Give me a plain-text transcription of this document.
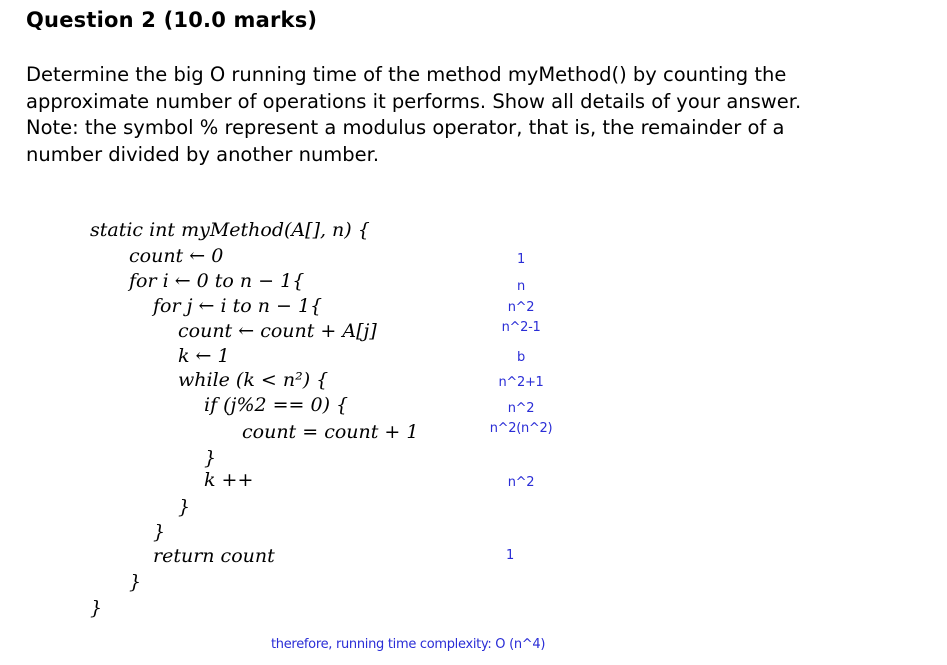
Question 2 (10.0 marks)
Determine the big O running time of the method myMethod() by counting the
approximate number of operations it performs. Show all details of your answer.
Note: the symbol % represent a modulus operator, that is, the remainder of a
number divided by another number.
static int myMethod(A[], n) {
count ← 0
for i ← 0 to n − 1{
for j ← i to n − 1{
count ← count + A[j]
k ← 1
while (k < n²) {
if (j%2 == 0) {
count = count + 1
}
k ++
}
}
return count
}
}
1
n
n^2
n^2-1
b
n^2+1
n^2
n^2(n^2)
n^2
1
therefore, running time complexity: O (n^4)
